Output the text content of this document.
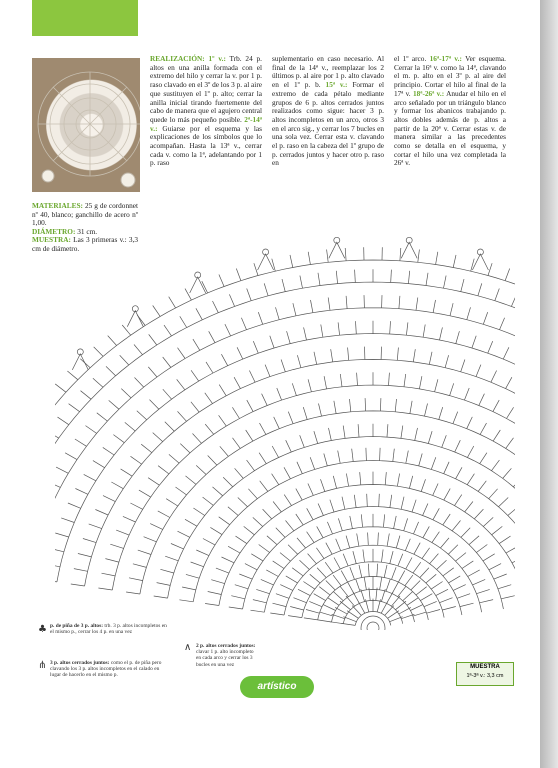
REALIZACIÓN: 1º v.: Trb. 24 p. altos en una anilla formada con el extremo del hilo y cerrar la v. por 1 p. raso clavado en el 3º de los 3 p. al aire que sustituyen el 1º p. alto; cerrar la anilla inicial tirando fuertemente del cabo de manera que el agujero central quede lo más pequeño posible. 2ª-14ª v.: Guiarse por el esquema y las explicaciones de los símbolos que lo acompañan. Hasta la 13ª v., cerrar cada v. como la 1ª, adelantando por 1 p. raso
suplementario en caso necesario. Al final de la 14ª v., reemplazar los 2 últimos p. al aire por 1 p. alto clavado en el 1º p. b. 15ª v.: Formar el extremo de cada pétalo mediante grupos de 6 p. altos cerrados juntos realizados como sigue: hacer 3 p. altos incompletos en un arco, otros 3 en el arco sig., y cerrar los 7 bucles en una sola vez. Cerrar esta v. clavando el p. raso en la cabeza del 1º grupo de p. cerrados juntos y hacer otro p. raso en
el 1º arco. 16ª-17ª v.: Ver esquema. Cerrar la 16ª v. como la 14ª, clavando el m. p. alto en el 3º p. al aire del principio. Cortar el hilo al final de la 17ª v. 18ª-26ª v.: Anudar el hilo en el arco señalado por un triángulo blanco y formar los abanicos trabajando p. altos dobles además de p. altos a partir de la 20ª v. Cerrar estas v. de manera similar a las precedentes como se detalla en el esquema, y cortar el hilo una vez completada la 26ª v.
MATERIALES: 25 g de cordonnet nº 40, blanco; ganchillo de acero nº 1,00.
DIÁMETRO: 31 cm.
MUESTRA: Las 3 primeras v.: 3,3 cm de diámetro.
♣ p. de piña de 3 p. altos: trb. 3 p. altos incompletos en el mismo p., cerrar los 4 p. en una vez
⋔ 3 p. altos cerrados juntos: como el p. de piña pero clavando los 3 p. altos incompletos en el calado en lugar de hacerlo en el mismo p.
∧ 2 p. altos cerrados juntos: clavar 1 p. alto incompleto en cada arco y cerrar los 3 bucles en una vez
artístico
MUESTRA
1ª-3ª v.: 3,3 cm
